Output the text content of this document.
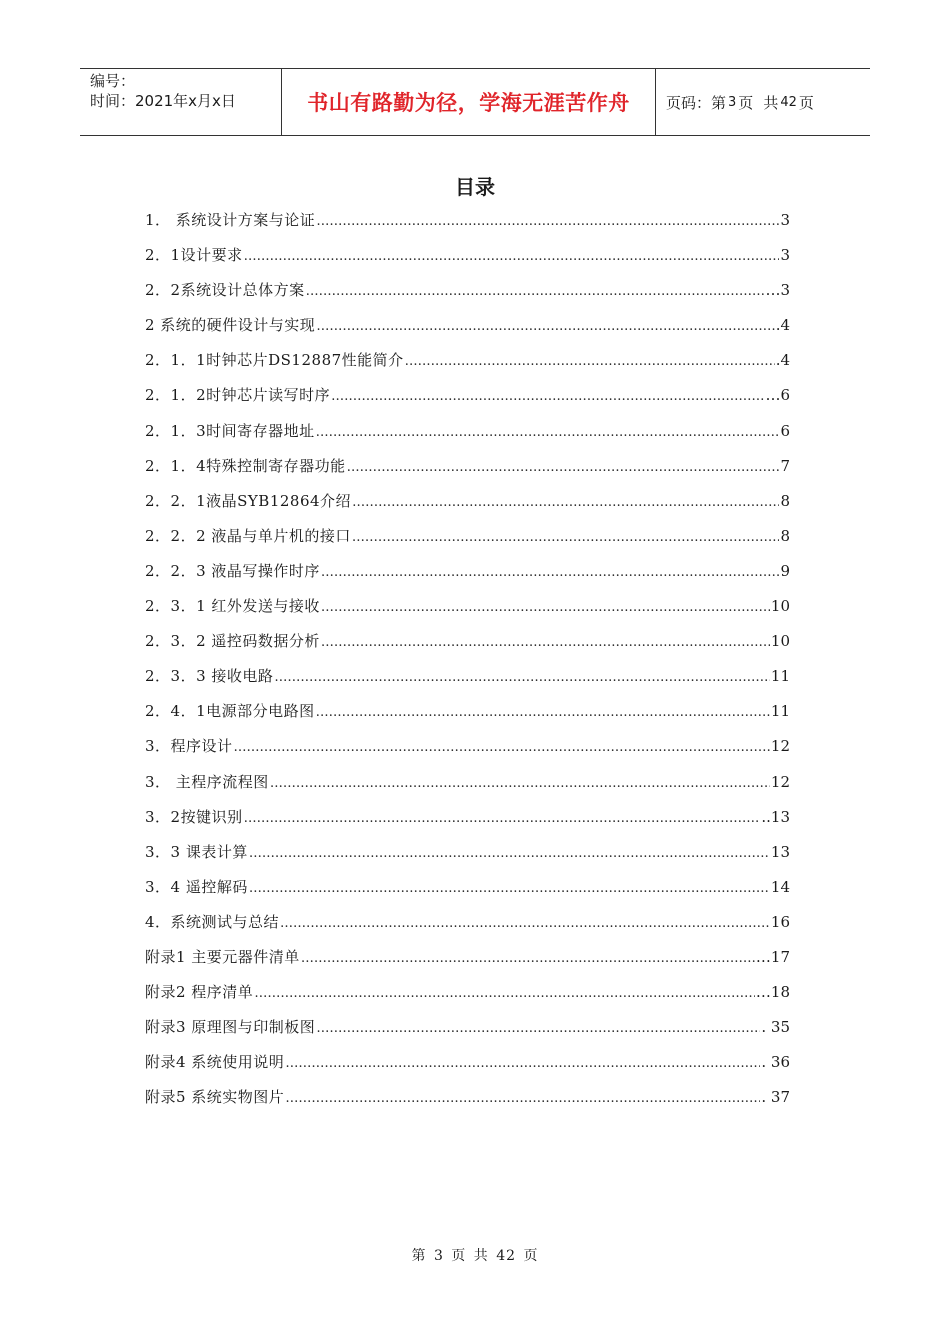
编号：
时间：2021年x月x日	书山有路勤为径，学海无涯苦作舟	页码：第 3 页 共 42 页
目录
1． 系统设计方案与论证 …………………………………………………………………………………………………………………………………………………………………………	3
2．1设计要求 …………………………………………………………………………………………………………………………………………………………………………	3
2．2系统设计总体方案 …………………………………………………………………………………………………………………………………………………………………………	…3
2 系统的硬件设计与实现 …………………………………………………………………………………………………………………………………………………………………………	.4
2．1．1时钟芯片DS12887性能简介 …………………………………………………………………………………………………………………………………………………………………………	.4
2．1．2时钟芯片读写时序 …………………………………………………………………………………………………………………………………………………………………………	…6
2．1．3时间寄存器地址 …………………………………………………………………………………………………………………………………………………………………………	6
2．1．4特殊控制寄存器功能 …………………………………………………………………………………………………………………………………………………………………………	7
2．2．1液晶SYB12864介绍 …………………………………………………………………………………………………………………………………………………………………………	8
2．2．2 液晶与单片机的接口 …………………………………………………………………………………………………………………………………………………………………………	8
2．2．3 液晶写操作时序 …………………………………………………………………………………………………………………………………………………………………………	9
2．3．1 红外发送与接收 …………………………………………………………………………………………………………………………………………………………………………	10
2．3．2 遥控码数据分析 …………………………………………………………………………………………………………………………………………………………………………	10
2．3．3 接收电路 …………………………………………………………………………………………………………………………………………………………………………	11
2．4．1电源部分电路图 …………………………………………………………………………………………………………………………………………………………………………	11
3．程序设计 …………………………………………………………………………………………………………………………………………………………………………	12
3． 主程序流程图 …………………………………………………………………………………………………………………………………………………………………………	12
3．2按键识别 …………………………………………………………………………………………………………………………………………………………………………	..13
3．3 课表计算 …………………………………………………………………………………………………………………………………………………………………………	13
3．4 遥控解码 …………………………………………………………………………………………………………………………………………………………………………	14
4．系统测试与总结 …………………………………………………………………………………………………………………………………………………………………………	16
附录1 主要元器件清单 …………………………………………………………………………………………………………………………………………………………………………	…17
附录2 程序清单 …………………………………………………………………………………………………………………………………………………………………………	…18
附录3 原理图与印制板图 …………………………………………………………………………………………………………………………………………………………………………	. 35
附录4 系统使用说明 …………………………………………………………………………………………………………………………………………………………………………	. 36
附录5 系统实物图片 …………………………………………………………………………………………………………………………………………………………………………	. 37
第 3 页 共 42 页
